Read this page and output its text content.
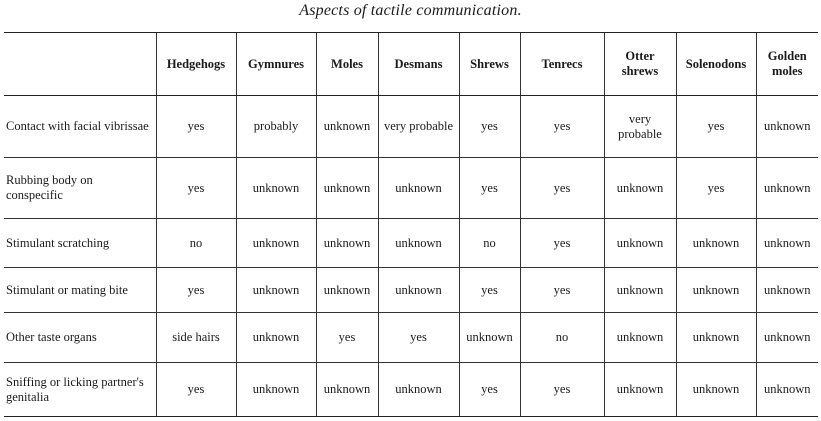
Aspects of tactile communication.
	Hedgehogs	Gymnures	Moles	Desmans	Shrews	Tenrecs	Otter shrews	Solenodons	Golden moles
Contact with facial vibrissae	yes	probably	unknown	very probable	yes	yes	very probable	yes	unknown
Rubbing body on conspecific	yes	unknown	unknown	unknown	yes	yes	unknown	yes	unknown
Stimulant scratching	no	unknown	unknown	unknown	no	yes	unknown	unknown	unknown
Stimulant or mating bite	yes	unknown	unknown	unknown	yes	yes	unknown	unknown	unknown
Other taste organs	side hairs	unknown	yes	yes	unknown	no	unknown	unknown	unknown
Sniffing or licking partner's genitalia	yes	unknown	unknown	unknown	yes	yes	unknown	unknown	unknown
